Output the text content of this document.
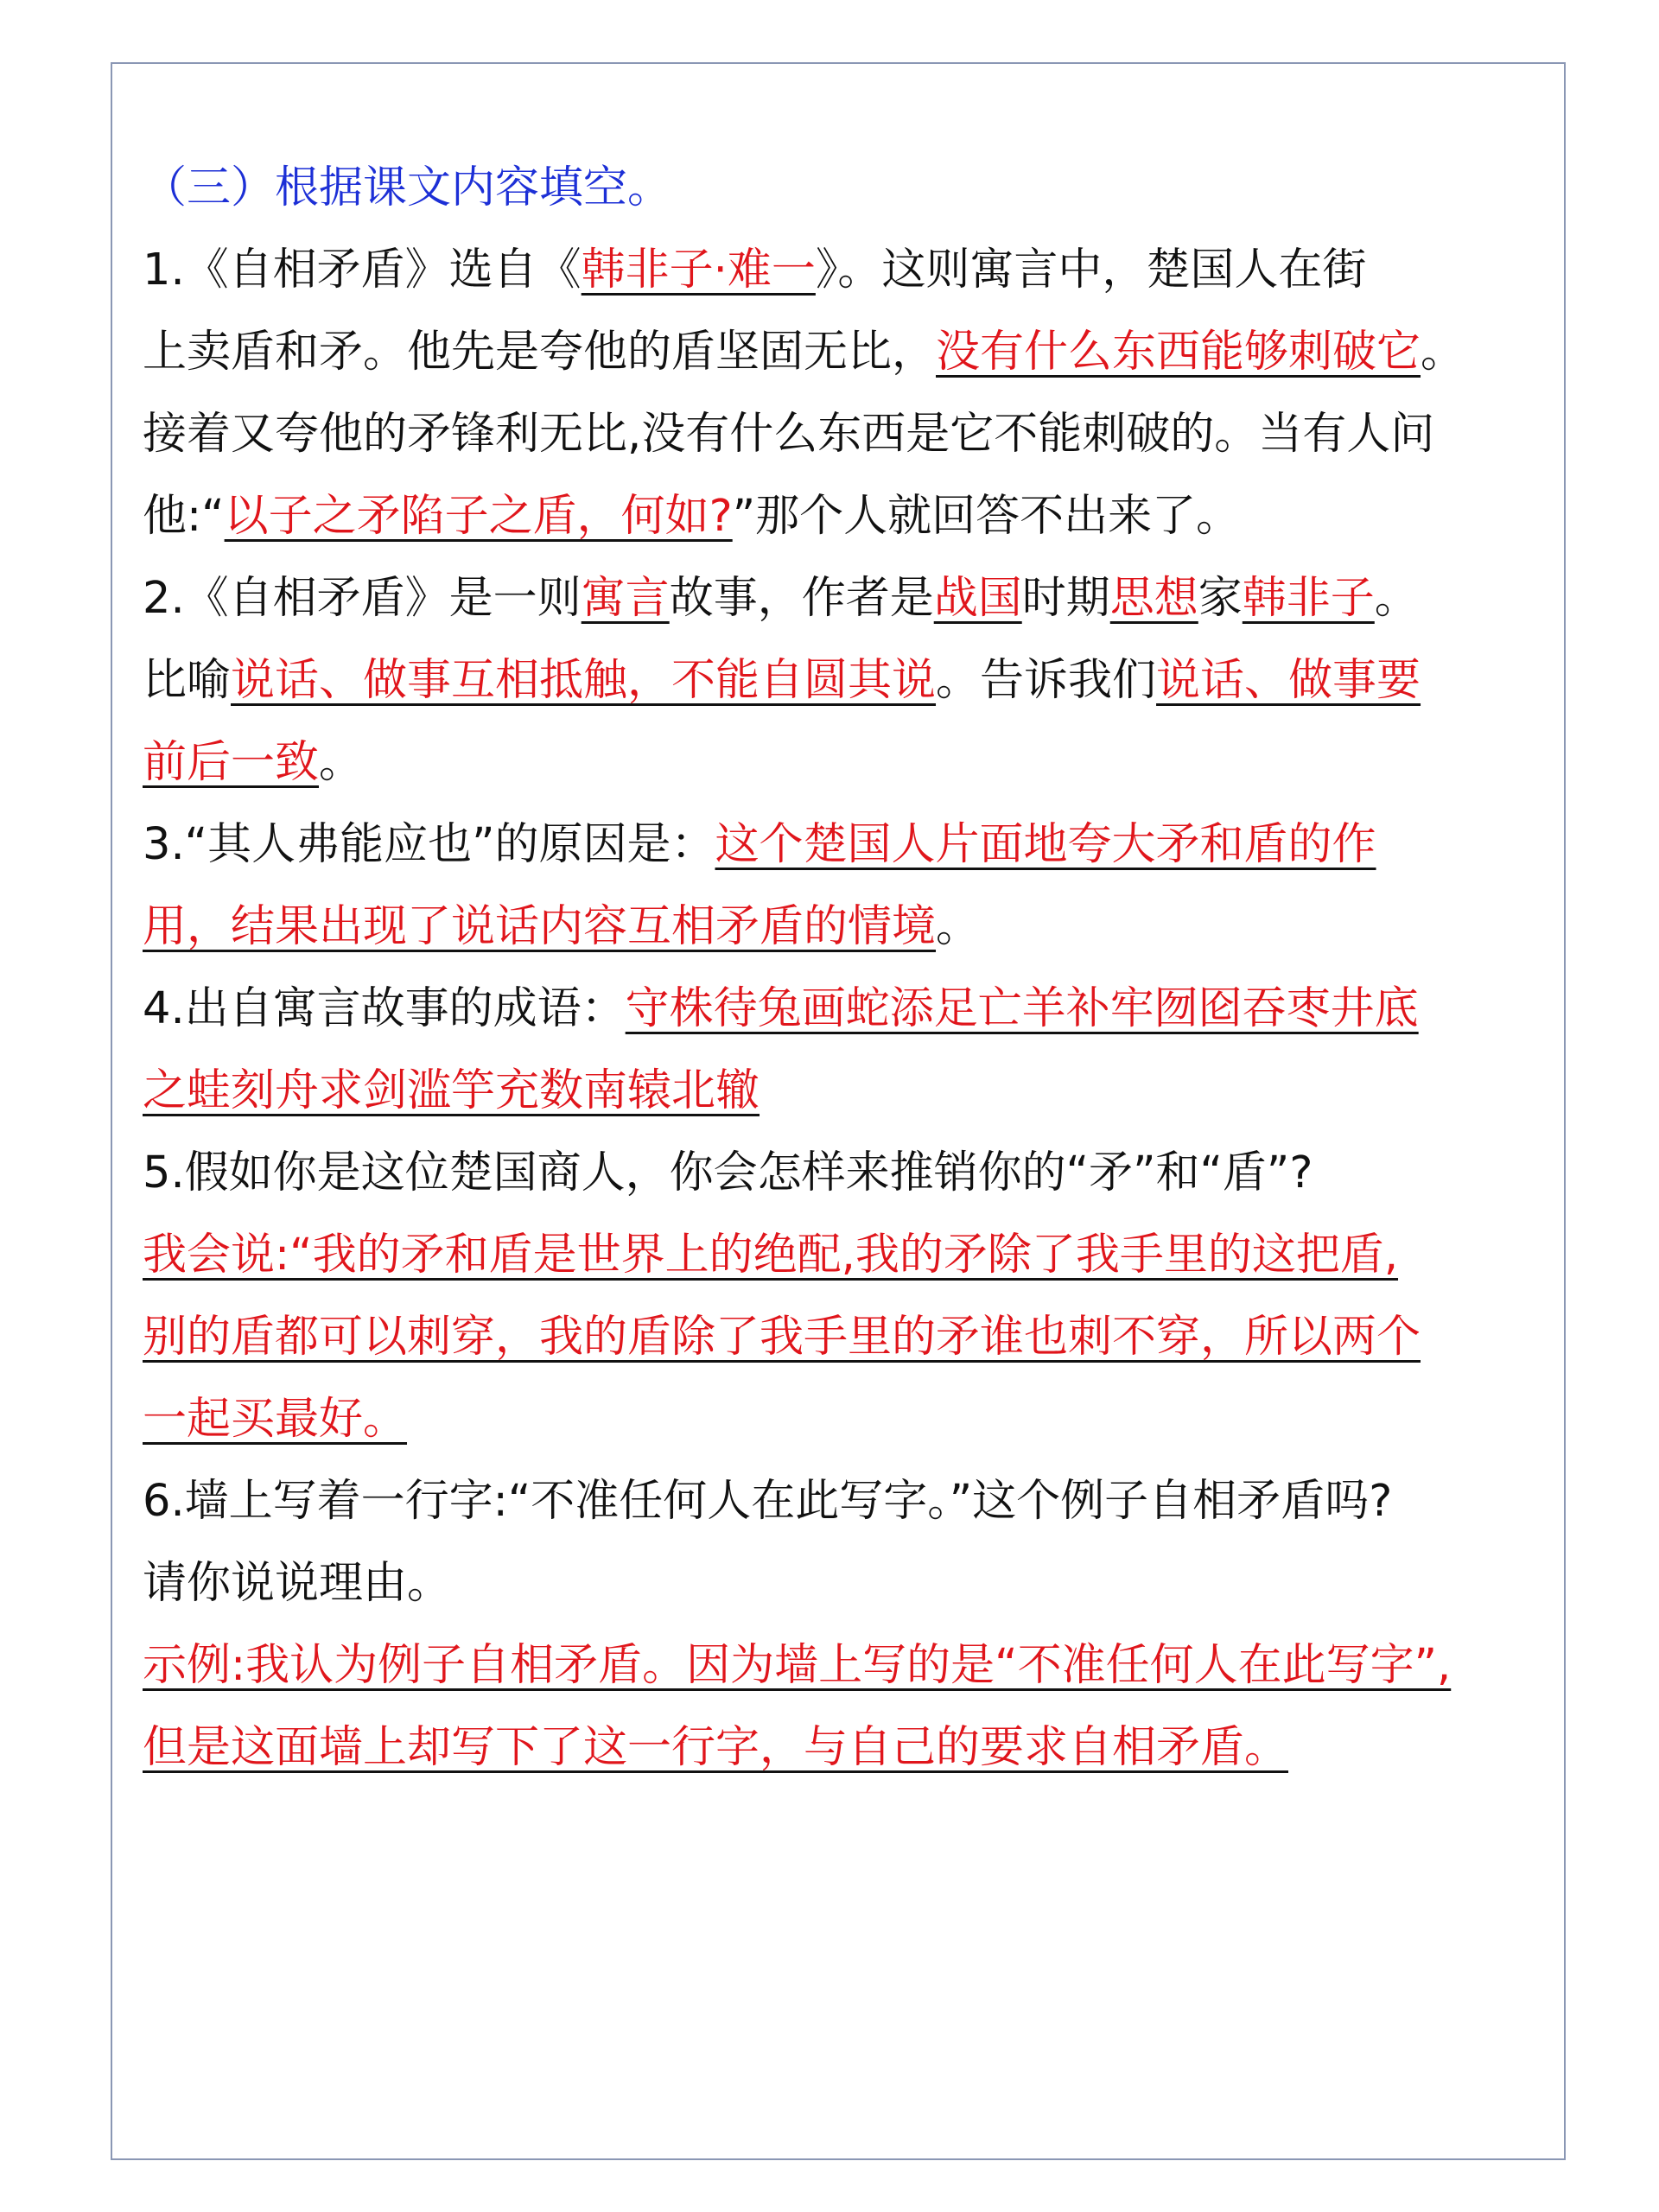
（三）根据课文内容填空。
1.《自相矛盾》选自《韩非子·难一》。这则寓言中，楚国人在街
上卖盾和矛。他先是夸他的盾坚固无比，没有什么东西能够刺破它。
接着又夸他的矛锋利无比,没有什么东西是它不能刺破的。当有人问
他:“以子之矛陷子之盾，何如?”那个人就回答不出来了。
2.《自相矛盾》是一则寓言故事，作者是战国时期思想家韩非子。
比喻说话、做事互相抵触，不能自圆其说。告诉我们说话、做事要
前后一致。
3.“其人弗能应也”的原因是：这个楚国人片面地夸大矛和盾的作
用，结果出现了说话内容互相矛盾的情境。
4.出自寓言故事的成语：守株待兔画蛇添足亡羊补牢囫囵吞枣井底
之蛙刻舟求剑滥竽充数南辕北辙
5.假如你是这位楚国商人，你会怎样来推销你的“矛”和“盾”?
我会说:“我的矛和盾是世界上的绝配,我的矛除了我手里的这把盾,
别的盾都可以刺穿，我的盾除了我手里的矛谁也刺不穿，所以两个
一起买最好。
6.墙上写着一行字:“不准任何人在此写字。”这个例子自相矛盾吗?
请你说说理由。
示例:我认为例子自相矛盾。因为墙上写的是“不准任何人在此写字”,
但是这面墙上却写下了这一行字，与自己的要求自相矛盾。
